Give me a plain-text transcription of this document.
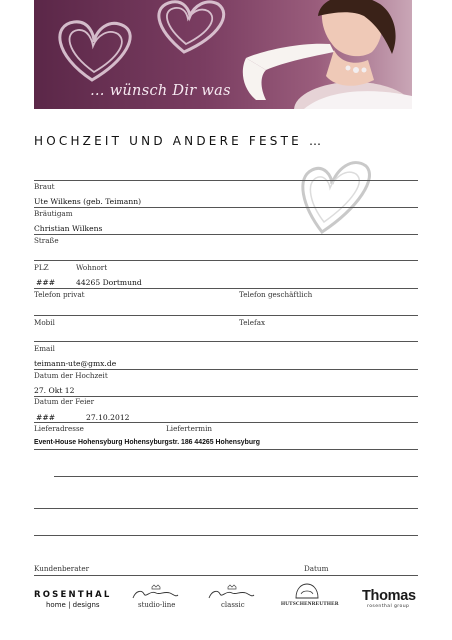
… wünsch Dir was
HOCHZEIT UND ANDERE FESTE …
Braut
Ute Wilkens (geb. Teimann)
Bräutigam
Christian Wilkens
Straße
PLZ	Wohnort
###	44265 Dortmund
Telefon privat	Telefon geschäftlich
Mobil	Telefax
Email
teimann-ute@gmx.de
Datum der Hochzeit
27. Okt 12
Datum der Feier
###	27.10.2012
Lieferadresse	Liefertermin
Event-House Hohensyburg Hohensyburgstr. 186 44265 Hohensyburg
Kundenberater	Datum
ROSENTHAL
home | designs	studio-line	classic	HUTSCHENREUTHER Thomas
rosenthal group
